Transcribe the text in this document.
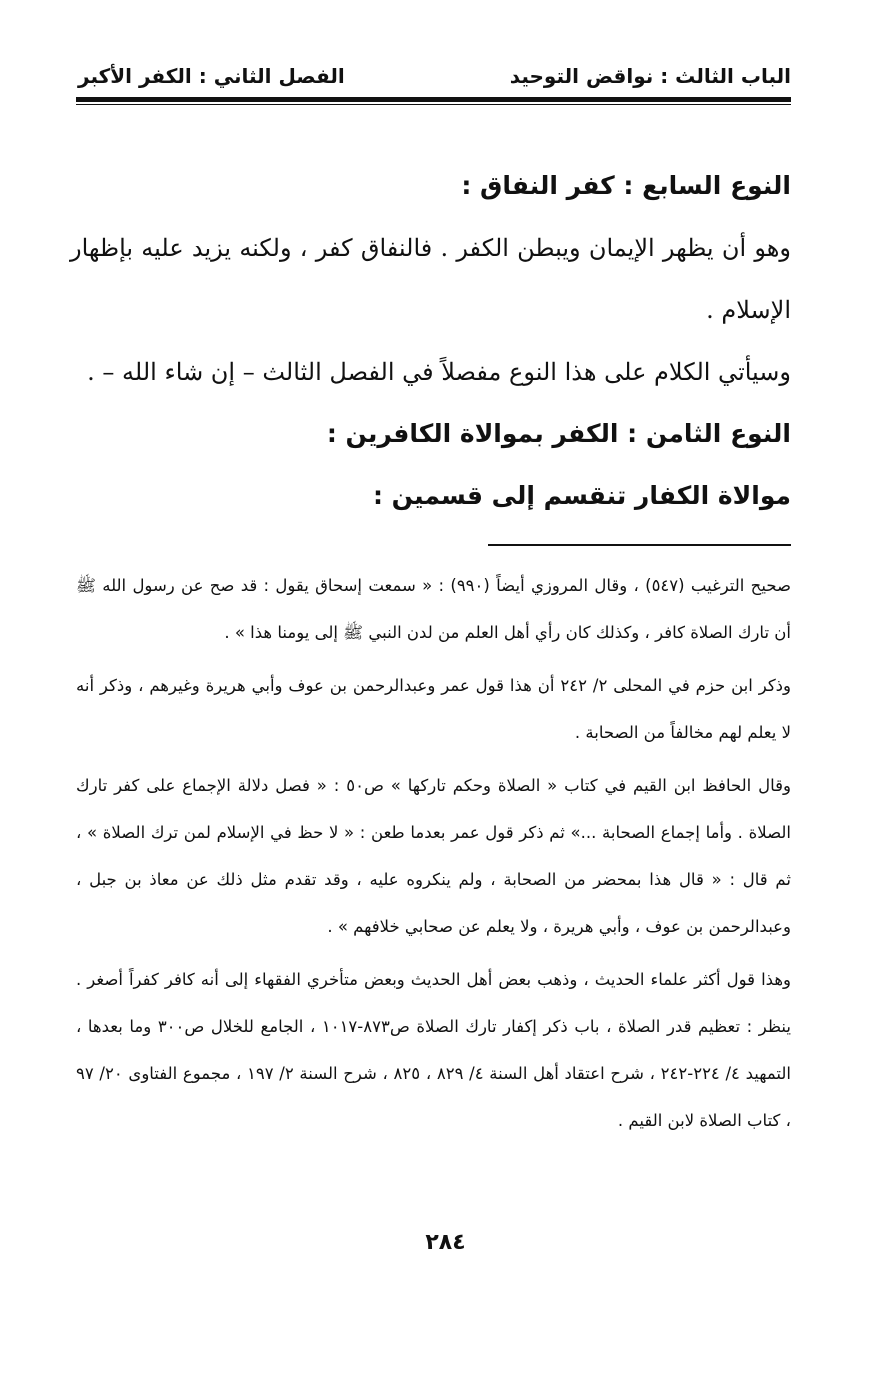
الباب الثالث : نواقض التوحيد
الفصل الثاني : الكفر الأكبر

النوع السابع : كفر النفاق :

وهو أن يظهر الإيمان ويبطن الكفر . فالنفاق كفر ، ولكنه يزيد عليه بإظهار الإسلام .

وسيأتي الكلام على هذا النوع مفصلاً في الفصل الثالث – إن شاء الله – .

النوع الثامن : الكفر بموالاة الكافرين :

موالاة الكفار تنقسم إلى قسمين :

صحيح الترغيب (٥٤٧) ، وقال المروزي أيضاً (٩٩٠) : « سمعت إسحاق يقول : قد صح عن رسول الله ﷺ أن تارك الصلاة كافر ، وكذلك كان رأي أهل العلم من لدن النبي ﷺ إلى يومنا هذا » .

وذكر ابن حزم في المحلى ٢/ ٢٤٢ أن هذا قول عمر وعبدالرحمن بن عوف وأبي هريرة وغيرهم ، وذكر أنه لا يعلم لهم مخالفاً من الصحابة .

وقال الحافظ ابن القيم في كتاب « الصلاة وحكم تاركها » ص٥٠ : « فصل دلالة الإجماع على كفر تارك الصلاة . وأما إجماع الصحابة ...» ثم ذكر قول عمر بعدما طعن : « لا حظ في الإسلام لمن ترك الصلاة » ، ثم قال : « قال هذا بمحضر من الصحابة ، ولم ينكروه عليه ، وقد تقدم مثل ذلك عن معاذ بن جبل ، وعبدالرحمن بن عوف ، وأبي هريرة ، ولا يعلم عن صحابي خلافهم » .

وهذا قول أكثر علماء الحديث ، وذهب بعض أهل الحديث وبعض متأخري الفقهاء إلى أنه كافر كفراً أصغر . ينظر : تعظيم قدر الصلاة ، باب ذكر إكفار تارك الصلاة ص٨٧٣-١٠١٧ ، الجامع للخلال ص٣٠٠ وما بعدها ، التمهيد ٤/ ٢٢٤-٢٤٢ ، شرح اعتقاد أهل السنة ٤/ ٨٢٩ ، ٨٢٥ ، شرح السنة ٢/ ١٩٧ ، مجموع الفتاوى ٢٠/ ٩٧ ، كتاب الصلاة لابن القيم .

٢٨٤
